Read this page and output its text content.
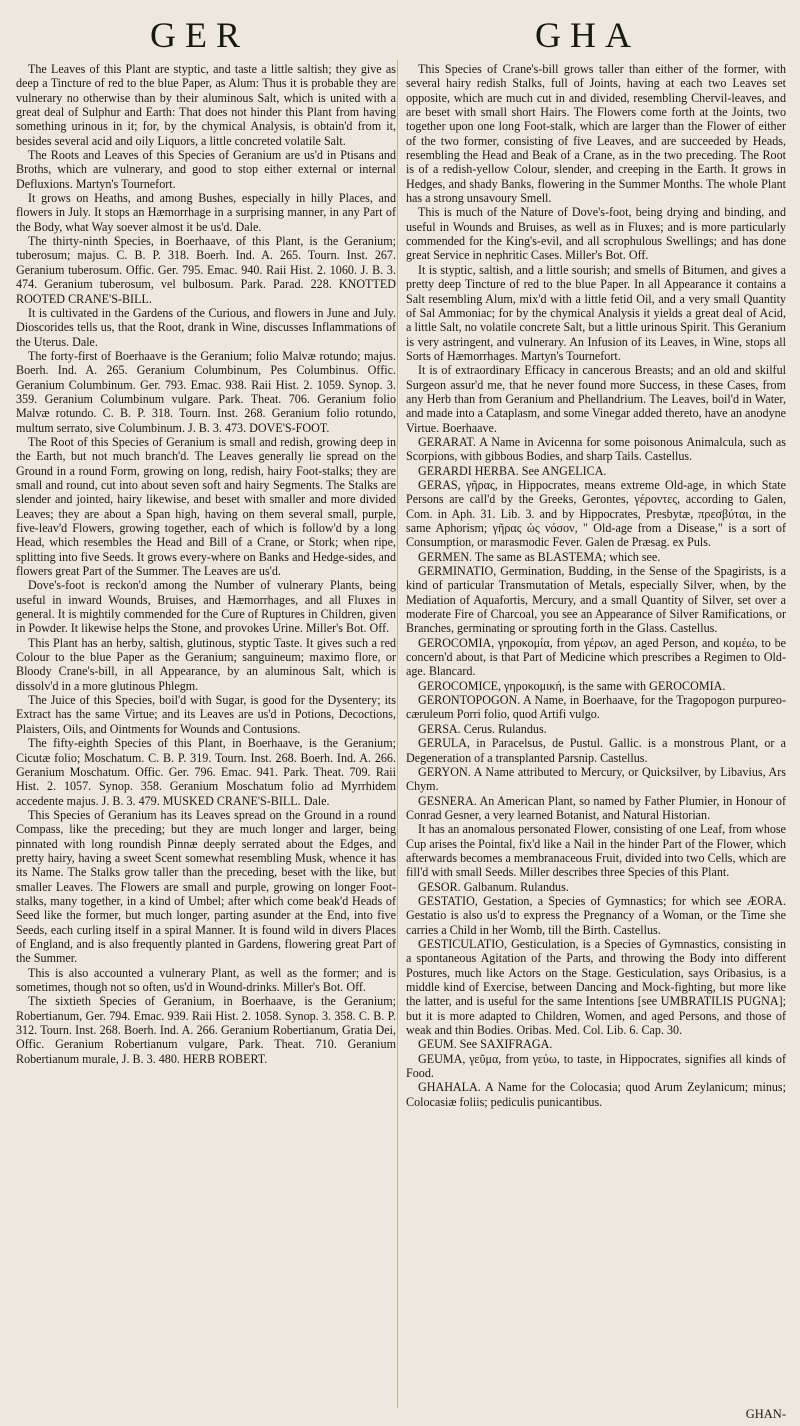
GER	GHA

The Leaves of this Plant are styptic, and taste a little saltish; they give as deep a Tincture of red to the blue Paper, as Alum: Thus it is probable they are vulnerary no otherwise than by their aluminous Salt, which is united with a great deal of Sulphur and Earth: That does not hinder this Plant from having something urinous in it; for, by the chymical Analysis, is obtain'd from it, besides several acid and oily Liquors, a little concreted volatile Salt.

The Roots and Leaves of this Species of Geranium are us'd in Ptisans and Broths, which are vulnerary, and good to stop either external or internal Defluxions. Martyn's Tournefort.

It grows on Heaths, and among Bushes, especially in hilly Places, and flowers in July. It stops an Hæmorrhage in a surprising manner, in any Part of the Body, what Way soever almost it be us'd. Dale.

The thirty-ninth Species, in Boerhaave, of this Plant, is the Geranium; tuberosum; majus. C. B. P. 318. Boerh. Ind. A. 265. Tourn. Inst. 267. Geranium tuberosum. Offic. Ger. 795. Emac. 940. Raii Hist. 2. 1060. J. B. 3. 474. Geranium tuberosum, vel bulbosum. Park. Parad. 228. KNOTTED ROOTED CRANE'S-BILL.

It is cultivated in the Gardens of the Curious, and flowers in June and July. Dioscorides tells us, that the Root, drank in Wine, discusses Inflammations of the Uterus. Dale.

The forty-first of Boerhaave is the Geranium; folio Malvæ rotundo; majus. Boerh. Ind. A. 265. Geranium Columbinum, Pes Columbinus. Offic. Geranium Columbinum. Ger. 793. Emac. 938. Raii Hist. 2. 1059. Synop. 3. 359. Geranium Columbinum vulgare. Park. Theat. 706. Geranium folio Malvæ rotundo. C. B. P. 318. Tourn. Inst. 268. Geranium folio rotundo, multum serrato, sive Columbinum. J. B. 3. 473. DOVE'S-FOOT.

The Root of this Species of Geranium is small and redish, growing deep in the Earth, but not much branch'd. The Leaves generally lie spread on the Ground in a round Form, growing on long, redish, hairy Foot-stalks; they are small and round, cut into about seven soft and hairy Segments. The Stalks are slender and jointed, hairy likewise, and beset with smaller and more divided Leaves; they are about a Span high, having on them several small, purple, five-leav'd Flowers, growing together, each of which is follow'd by a long Head, which resembles the Head and Bill of a Crane, or Stork; when ripe, splitting into five Seeds. It grows every-where on Banks and Hedge-sides, and flowers great Part of the Summer. The Leaves are us'd.

Dove's-foot is reckon'd among the Number of vulnerary Plants, being useful in inward Wounds, Bruises, and Hæmorrhages, and all Fluxes in general. It is mightily commended for the Cure of Ruptures in Children, given in Powder. It likewise helps the Stone, and provokes Urine. Miller's Bot. Off.

This Plant has an herby, saltish, glutinous, styptic Taste. It gives such a red Colour to the blue Paper as the Geranium; sanguineum; maximo flore, or Bloody Crane's-bill, in all Appearance, by an aluminous Salt, which is dissolv'd in a more glutinous Phlegm.

The Juice of this Species, boil'd with Sugar, is good for the Dysentery; its Extract has the same Virtue; and its Leaves are us'd in Potions, Decoctions, Plaisters, Oils, and Ointments for Wounds and Contusions.

The fifty-eighth Species of this Plant, in Boerhaave, is the Geranium; Cicutæ folio; Moschatum. C. B. P. 319. Tourn. Inst. 268. Boerh. Ind. A. 266. Geranium Moschatum. Offic. Ger. 796. Emac. 941. Park. Theat. 709. Raii Hist. 2. 1057. Synop. 358. Geranium Moschatum folio ad Myrrhidem accedente majus. J. B. 3. 479. MUSKED CRANE'S-BILL. Dale.

This Species of Geranium has its Leaves spread on the Ground in a round Compass, like the preceding; but they are much longer and larger, being pinnated with long roundish Pinnæ deeply serrated about the Edges, and pretty hairy, having a sweet Scent somewhat resembling Musk, whence it has its Name. The Stalks grow taller than the preceding, beset with the like, but smaller Leaves. The Flowers are small and purple, growing on longer Foot-stalks, many together, in a kind of Umbel; after which come beak'd Heads of Seed like the former, but much longer, parting asunder at the End, into five Seeds, each curling itself in a spiral Manner. It is found wild in divers Places of England, and is also frequently planted in Gardens, flowering great Part of the Summer.

This is also accounted a vulnerary Plant, as well as the former; and is sometimes, though not so often, us'd in Wound-drinks. Miller's Bot. Off.

The sixtieth Species of Geranium, in Boerhaave, is the Geranium; Robertianum, Ger. 794. Emac. 939. Raii Hist. 2. 1058. Synop. 3. 358. C. B. P. 312. Tourn. Inst. 268. Boerh. Ind. A. 266. Geranium Robertianum, Gratia Dei, Offic. Geranium Robertianum vulgare, Park. Theat. 710. Geranium Robertianum murale, J. B. 3. 480. HERB ROBERT.

This Species of Crane's-bill grows taller than either of the former, with several hairy redish Stalks, full of Joints, having at each two Leaves set opposite, which are much cut in and divided, resembling Chervil-leaves, and are beset with small short Hairs. The Flowers come forth at the Joints, two together upon one long Foot-stalk, which are larger than the Flower of either of the two former, consisting of five Leaves, and are succeeded by Heads, resembling the Head and Beak of a Crane, as in the two preceding. The Root is of a redish-yellow Colour, slender, and creeping in the Earth. It grows in Hedges, and shady Banks, flowering in the Summer Months. The whole Plant has a strong unsavoury Smell.

This is much of the Nature of Dove's-foot, being drying and binding, and useful in Wounds and Bruises, as well as in Fluxes; and is more particularly commended for the King's-evil, and all scrophulous Swellings; and has done great Service in nephritic Cases. Miller's Bot. Off.

It is styptic, saltish, and a little sourish; and smells of Bitumen, and gives a pretty deep Tincture of red to the blue Paper. In all Appearance it contains a Salt resembling Alum, mix'd with a little fetid Oil, and a very small Quantity of Sal Ammoniac; for by the chymical Analysis it yields a great deal of Acid, a little Salt, no volatile concrete Salt, but a little urinous Spirit. This Geranium is very astringent, and vulnerary. An Infusion of its Leaves, in Wine, stops all Sorts of Hæmorrhages. Martyn's Tournefort.

It is of extraordinary Efficacy in cancerous Breasts; and an old and skilful Surgeon assur'd me, that he never found more Success, in these Cases, from any Herb than from Geranium and Phellandrium. The Leaves, boil'd in Water, and made into a Cataplasm, and some Vinegar added thereto, have an anodyne Virtue. Boerhaave.

GERARAT. A Name in Avicenna for some poisonous Animalcula, such as Scorpions, with gibbous Bodies, and sharp Tails. Castellus.

GERARDI HERBA. See ANGELICA.

GERAS, γῆρας, in Hippocrates, means extreme Old-age, in which State Persons are call'd by the Greeks, Gerontes, γέροντες, according to Galen, Com. in Aph. 31. Lib. 3. and by Hippocrates, Presbytæ, πρεσβύται, in the same Aphorism; γῆρας ὡς νόσον, " Old-age from a Disease," is a sort of Consumption, or marasmodic Fever. Galen de Præsag. ex Puls.

GERMEN. The same as BLASTEMA; which see.

GERMINATIO, Germination, Budding, in the Sense of the Spagirists, is a kind of particular Transmutation of Metals, especially Silver, when, by the Mediation of Aquafortis, Mercury, and a small Quantity of Silver, set over a moderate Fire of Charcoal, you see an Appearance of Silver Ramifications, or Branches, germinating or sprouting forth in the Glass. Castellus.

GEROCOMIA, γηροκομία, from γέρων, an aged Person, and κομέω, to be concern'd about, is that Part of Medicine which prescribes a Regimen to Old-age. Blancard.

GEROCOMICE, γηροκομική, is the same with GEROCOMIA.

GERONTOPOGON. A Name, in Boerhaave, for the Tragopogon purpureo-cæruleum Porri folio, quod Artifi vulgo.

GERSA. Cerus. Rulandus.

GERULA, in Paracelsus, de Pustul. Gallic. is a monstrous Plant, or a Degeneration of a transplanted Parsnip. Castellus.

GERYON. A Name attributed to Mercury, or Quicksilver, by Libavius, Ars Chym.

GESNERA. An American Plant, so named by Father Plumier, in Honour of Conrad Gesner, a very learned Botanist, and Natural Historian.

It has an anomalous personated Flower, consisting of one Leaf, from whose Cup arises the Pointal, fix'd like a Nail in the hinder Part of the Flower, which afterwards becomes a membranaceous Fruit, divided into two Cells, which are fill'd with small Seeds. Miller describes three Species of this Plant.

GESOR. Galbanum. Rulandus.

GESTATIO, Gestation, a Species of Gymnastics; for which see ÆORA. Gestatio is also us'd to express the Pregnancy of a Woman, or the Time she carries a Child in her Womb, till the Birth. Castellus.

GESTICULATIO, Gesticulation, is a Species of Gymnastics, consisting in a spontaneous Agitation of the Parts, and throwing the Body into different Postures, much like Actors on the Stage. Gesticulation, says Oribasius, is a middle kind of Exercise, between Dancing and Mock-fighting, but more like the latter, and is useful for the same Intentions [see UMBRATILIS PUGNA]; but it is more adapted to Children, Women, and aged Persons, and those of weak and thin Bodies. Oribas. Med. Col. Lib. 6. Cap. 30.

GEUM. See SAXIFRAGA.

GEUMA, γεῦμα, from γεύω, to taste, in Hippocrates, signifies all kinds of Food.

GHAHALA. A Name for the Colocasia; quod Arum Zeylanicum; minus; Colocasiæ foliis; pediculis punicantibus.

GHAN-
